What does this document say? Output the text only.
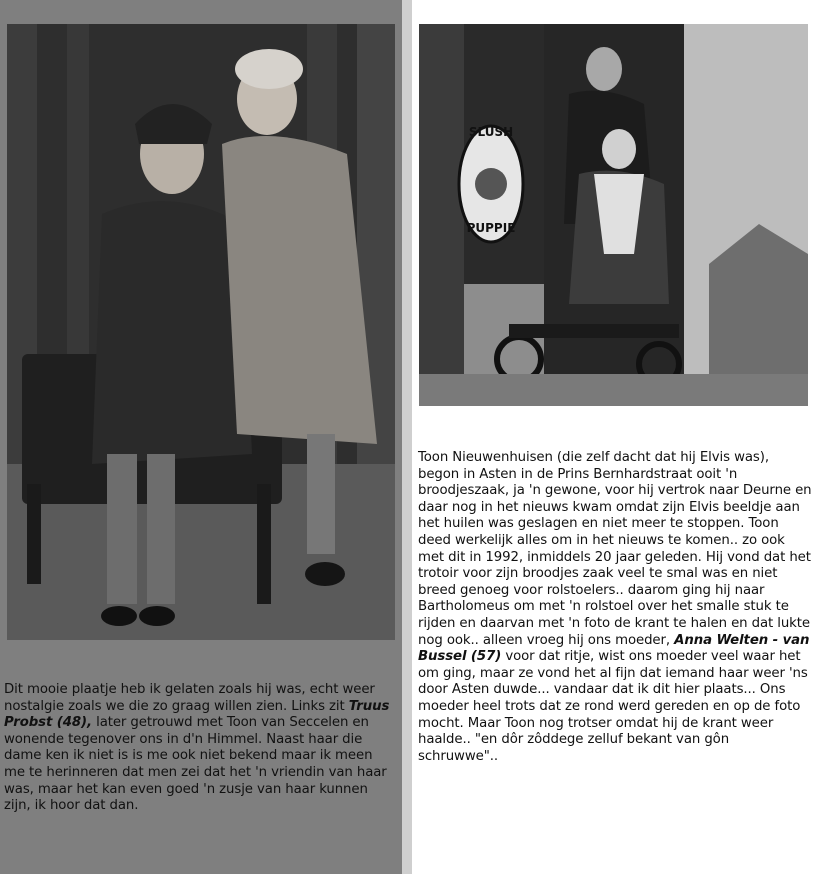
Dit mooie plaatje heb ik gelaten zoals hij was, echt weer nostalgie zoals we die zo graag willen zien. Links zit Truus Probst (48), later getrouwd met Toon van Seccelen en wonende tegenover ons in d'n Himmel. Naast haar die dame ken ik niet is is me ook niet bekend maar ik meen me te herinneren dat men zei dat het 'n vriendin van haar was, maar het kan even goed 'n zusje van haar kunnen zijn, ik hoor dat dan.
SLUSH
PUPPIE
Toon Nieuwenhuisen (die zelf dacht dat hij Elvis was), begon in Asten in de Prins Bernhardstraat ooit 'n broodjeszaak, ja 'n gewone, voor hij vertrok naar Deurne en daar nog in het nieuws kwam omdat zijn Elvis beeldje aan het huilen was geslagen en niet meer te stoppen. Toon deed werkelijk alles om in het nieuws te komen.. zo ook met dit in 1992, inmiddels 20 jaar geleden. Hij vond dat het trotoir voor zijn broodjes zaak veel te smal was en niet breed genoeg voor rolstoelers.. daarom ging hij naar Bartholomeus om met 'n rolstoel over het smalle stuk te rijden en daarvan met 'n foto de krant te halen en dat lukte nog ook.. alleen vroeg hij ons moeder, Anna Welten - van Bussel (57) voor dat ritje, wist ons moeder veel waar het om ging, maar ze vond het al fijn dat iemand haar weer 'ns door Asten duwde... vandaar dat ik dit hier plaats... Ons moeder heel trots dat ze rond werd gereden en op de foto mocht. Maar Toon nog trotser omdat hij de krant weer haalde.. "en dôr zôddege zelluf bekant van gôn schruwwe"..
